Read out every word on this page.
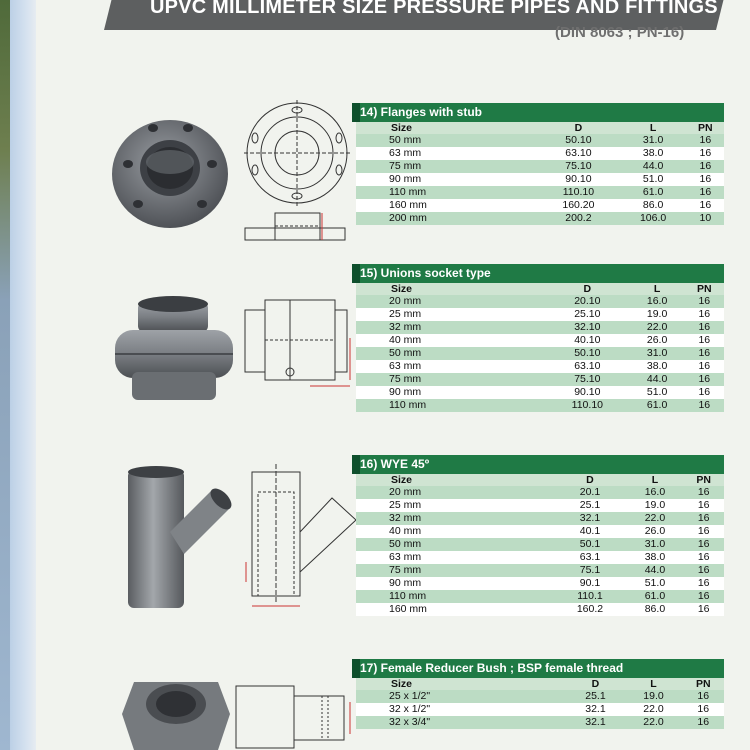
UPVC MILLIMETER SIZE PRESSURE PIPES AND FITTINGS
(DIN 8063 ; PN-16)
14) Flanges with stub
Size	D	L	PN
50 mm	50.10	31.0	16
63 mm	63.10	38.0	16
75 mm	75.10	44.0	16
90 mm	90.10	51.0	16
110 mm	110.10	61.0	16
160 mm	160.20	86.0	16
200 mm	200.2	106.0	10
15) Unions socket type
Size	D	L	PN
20 mm	20.10	16.0	16
25 mm	25.10	19.0	16
32 mm	32.10	22.0	16
40 mm	40.10	26.0	16
50 mm	50.10	31.0	16
63 mm	63.10	38.0	16
75 mm	75.10	44.0	16
90 mm	90.10	51.0	16
110 mm	110.10	61.0	16
16) WYE 45º
Size	D	L	PN
20 mm	20.1	16.0	16
25 mm	25.1	19.0	16
32 mm	32.1	22.0	16
40 mm	40.1	26.0	16
50 mm	50.1	31.0	16
63 mm	63.1	38.0	16
75 mm	75.1	44.0	16
90 mm	90.1	51.0	16
110 mm	110.1	61.0	16
160 mm	160.2	86.0	16
17) Female Reducer Bush ; BSP female thread
Size	D	L	PN
25 x 1/2"	25.1	19.0	16
32 x 1/2"	32.1	22.0	16
32 x 3/4"	32.1	22.0	16
